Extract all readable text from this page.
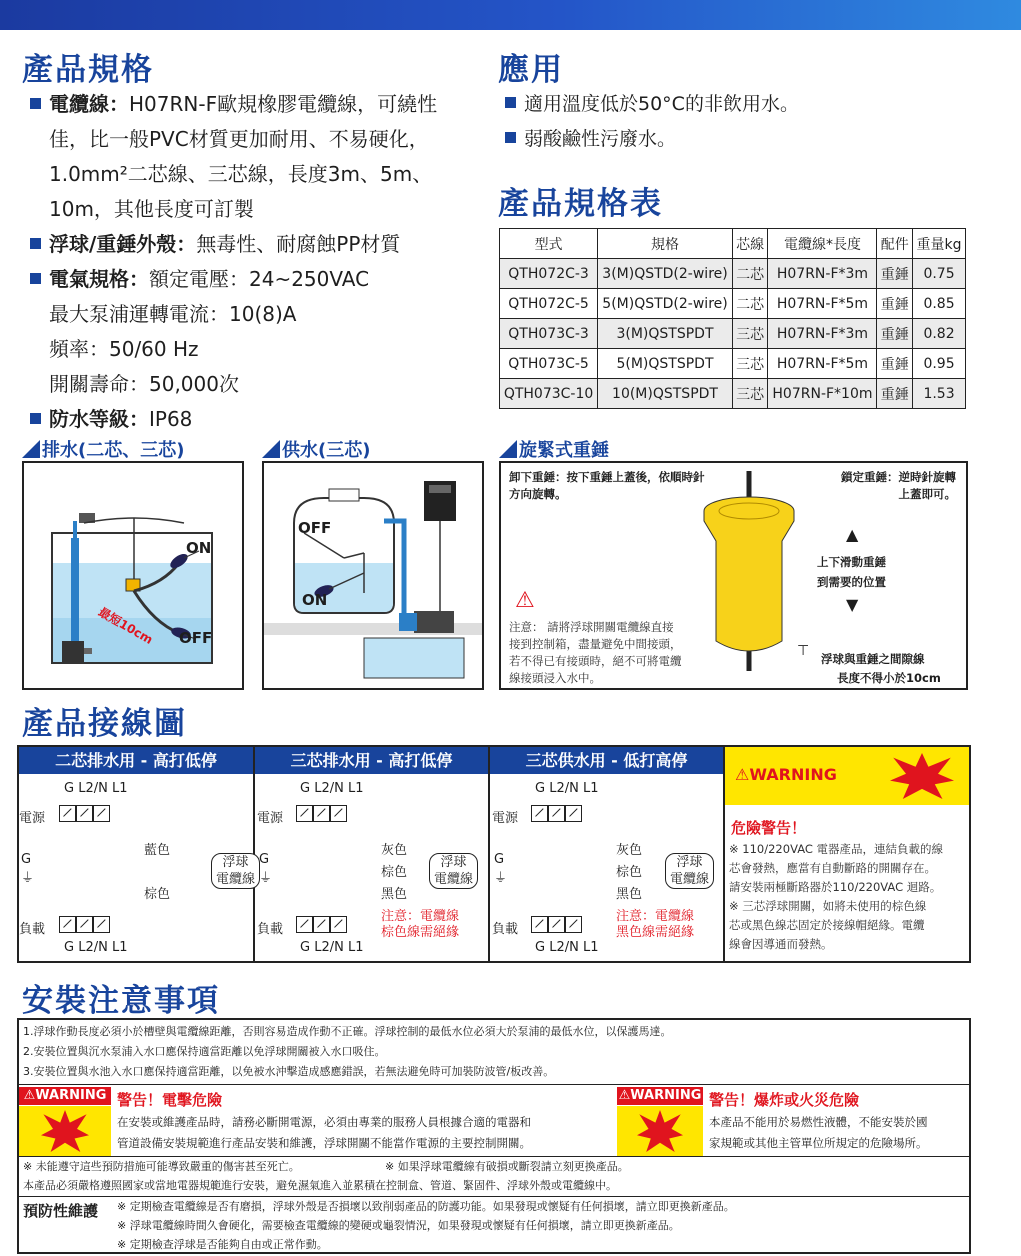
產品規格
電纜線：H07RN-F歐規橡膠電纜線，可繞性
佳，比一般PVC材質更加耐用、不易硬化，
1.0mm²二芯線、三芯線，長度3m、5m、
10m，其他長度可訂製
浮球/重錘外殼：無毒性、耐腐蝕PP材質
電氣規格：額定電壓：24~250VAC
最大泵浦運轉電流：10(8)A
頻率：50/60 Hz
開關壽命：50,000次
防水等級：IP68
應用
適用溫度低於50°C的非飲用水。
弱酸鹼性污廢水。
產品規格表
型式	規格	芯線	電纜線*長度	配件	重量kg
QTH072C-3	3(M)QSTD(2-wire)	二芯	H07RN-F*3m	重錘	0.75
QTH072C-5	5(M)QSTD(2-wire)	二芯	H07RN-F*5m	重錘	0.85
QTH073C-3	3(M)QSTSPDT	三芯	H07RN-F*3m	重錘	0.82
QTH073C-5	5(M)QSTSPDT	三芯	H07RN-F*5m	重錘	0.95
QTH073C-10	10(M)QSTSPDT	三芯	H07RN-F*10m	重錘	1.53
排水(二芯、三芯)	供水(三芯)	旋緊式重錘
ON
OFF
最短10cm
OFF
ON
卸下重錘：按下重錘上蓋後，依順時針方向旋轉。
鎖定重錘：逆時針旋轉
上蓋即可。
▲
上下滑動重錘
到需要的位置
▼
⚠
注意： 請將浮球開關電纜線直接
接到控制箱，盡量避免中間接頭，
若不得已有接頭時，絕不可將電纜
線接頭浸入水中。
⊤ 浮球與重錘之間隙線
長度不得小於10cm
產品接線圖
二芯排水用 - 高打低停	三芯排水用 - 高打低停	三芯供水用 - 低打高停
G L2/N L1
電源
G
⏚
藍色
棕色
浮球
電纜線
負載
G L2/N L1
G L2/N L1
電源
G
⏚
灰色
棕色
黑色
浮球
電纜線
負載
G L2/N L1
注意：電纜線
棕色線需絕緣
G L2/N L1
電源
G
⏚
灰色
棕色
黑色
浮球
電纜線
負載
G L2/N L1
注意：電纜線
黑色線需絕緣
⚠WARNING
危險警告！
※ 110/220VAC 電器產品，連結負載的線
芯會發熱，應當有自動斷路的開關存在。
請安裝兩極斷路器於110/220VAC 迴路。
※ 三芯浮球開關，如將未使用的棕色線
芯或黑色線芯固定於接線帽絕緣。電纜
線會因導通而發熱。
安裝注意事項
1.浮球作動長度必須小於槽壁與電纜線距離，否則容易造成作動不正確。浮球控制的最低水位必須大於泵浦的最低水位，以保護馬達。
2.安裝位置與沉水泵浦入水口應保持適當距離以免浮球開關被入水口吸住。
3.安裝位置與水池入水口應保持適當距離，以免被水沖擊造成感應錯誤，若無法避免時可加裝防波管/板改善。
⚠WARNING 警告！電擊危險
在安裝或維護產品時，請務必斷開電源，必須由專業的服務人員根據合適的電器和
管道設備安裝規範進行產品安裝和維護，浮球開關不能當作電源的主要控制開關。
⚠WARNING 警告！爆炸或火災危險
本產品不能用於易燃性液體，不能安裝於國
家規範或其他主管單位所規定的危險場所。
※ 未能遵守這些預防措施可能導致嚴重的傷害甚至死亡。	※ 如果浮球電纜線有破損或斷裂請立刻更換產品。
本產品必須嚴格遵照國家或當地電器規範進行安裝，避免濕氣進入並累積在控制盒、管道、緊固件、浮球外殼或電纜線中。
預防性維護 ※ 定期檢查電纜線是否有磨損，浮球外殼是否損壞以致削弱產品的防護功能。如果發現或懷疑有任何損壞，請立即更換新產品。
※ 浮球電纜線時間久會硬化，需要檢查電纜線的變硬或龜裂情況，如果發現或懷疑有任何損壞，請立即更換新產品。
※ 定期檢查浮球是否能夠自由或正常作動。
